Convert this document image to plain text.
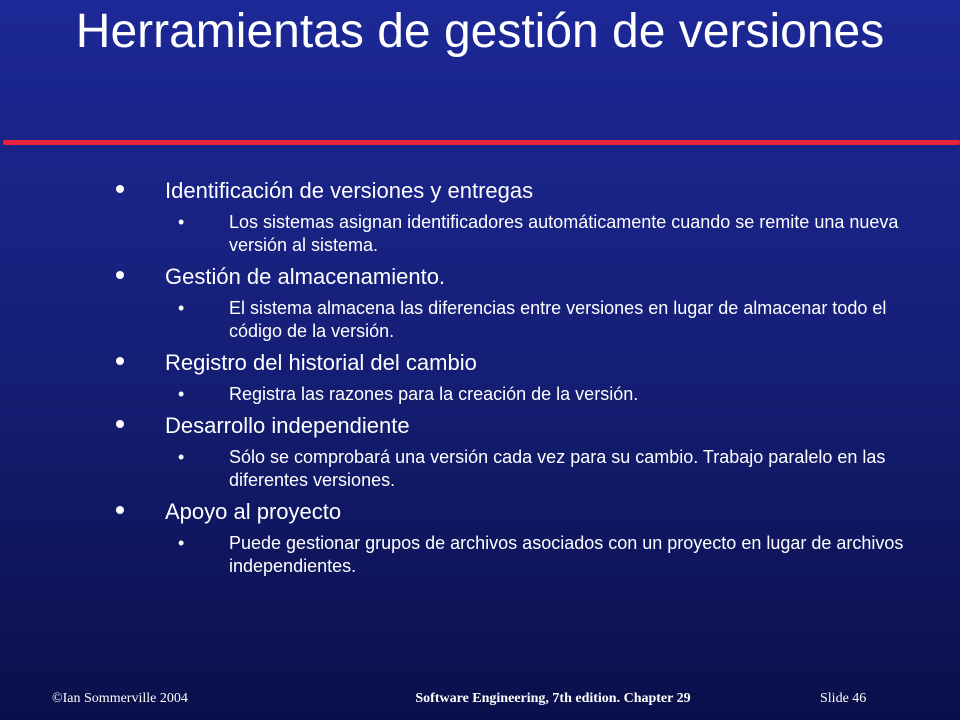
Herramientas de gestión de versiones
Identificación de versiones y entregas
• Los sistemas asignan identificadores automáticamente cuando se remite una nueva versión al sistema.
Gestión de almacenamiento.
• El sistema almacena las diferencias entre versiones en lugar de almacenar todo el código de la versión.
Registro del historial del cambio
• Registra las razones para la creación de la versión.
Desarrollo independiente
• Sólo se comprobará una versión cada vez para su cambio. Trabajo paralelo en las diferentes versiones.
Apoyo al proyecto
• Puede gestionar grupos de archivos asociados con un proyecto en lugar de archivos independientes.
©Ian Sommerville 2004	Software Engineering, 7th edition. Chapter 29	Slide 46
